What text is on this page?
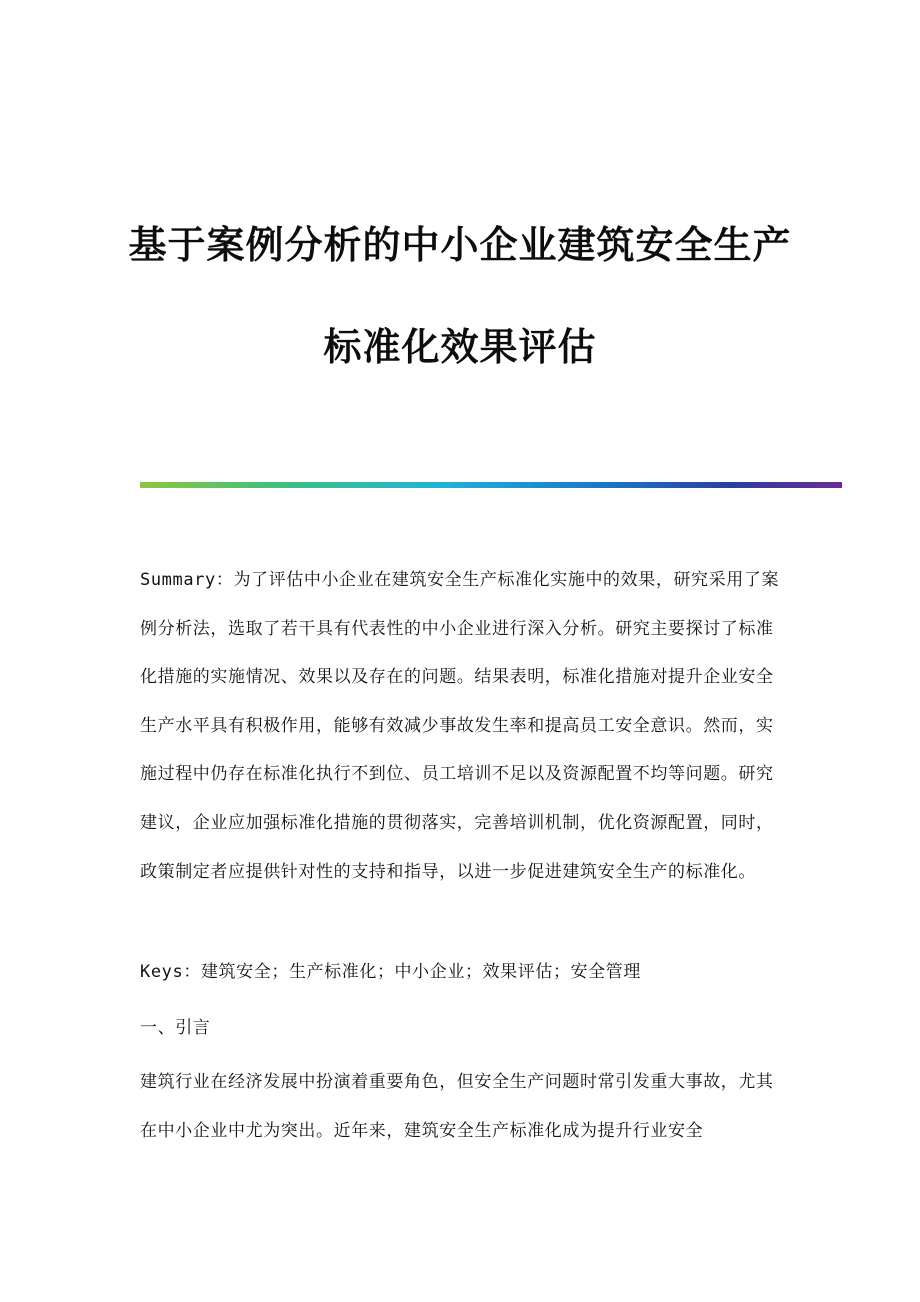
基于案例分析的中小企业建筑安全生产
标准化效果评估

Summary：为了评估中小企业在建筑安全生产标准化实施中的效果，研究采用了案例分析法，选取了若干具有代表性的中小企业进行深入分析。研究主要探讨了标准化措施的实施情况、效果以及存在的问题。结果表明，标准化措施对提升企业安全生产水平具有积极作用，能够有效减少事故发生率和提高员工安全意识。然而，实施过程中仍存在标准化执行不到位、员工培训不足以及资源配置不均等问题。研究建议，企业应加强标准化措施的贯彻落实，完善培训机制，优化资源配置，同时，政策制定者应提供针对性的支持和指导，以进一步促进建筑安全生产的标准化。

Keys：建筑安全；生产标准化；中小企业；效果评估；安全管理

一、引言

建筑行业在经济发展中扮演着重要角色，但安全生产问题时常引发重大事故，尤其在中小企业中尤为突出。近年来，建筑安全生产标准化成为提升行业安全
